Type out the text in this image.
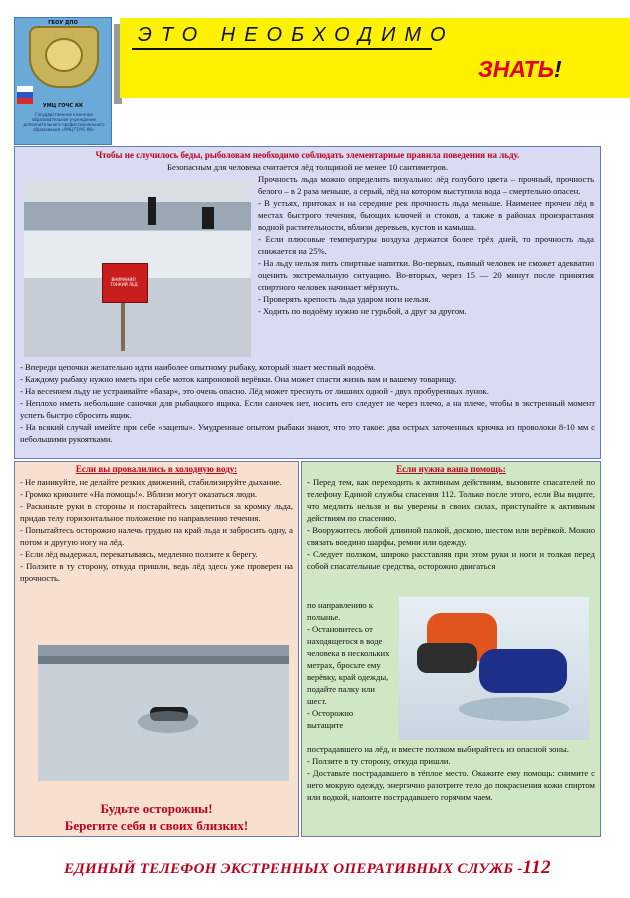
ГБОУ ДПО
УМЦ ГОЧС КК
Государственное казенное образовательное учреждение дополнительного профессионального образования «УМЦ ГОЧС КК»
ЭТО НЕОБХОДИМО
ЗНАТЬ!
Чтобы не случилось беды, рыболовам необходимо соблюдать элементарные правила поведения на льду.
Безопасным для человека считается лёд толщиной не менее 10 сантиметров.
ВНИМАНИЕ! ТОНКИЙ ЛЕД

Прочность льда можно определить визуально: лёд голубого цвета – прочный, прочность белого – в 2 раза меньше, а серый, лёд на котором выступила вода – смертельно опасен.

- В устьях, притоках и на середине рек прочность льда меньше. Наименее прочен лёд в местах быстрого течения, бьющих ключей и стоков, а также в районах произрастания водной растительности, вблизи деревьев, кустов и камыша.

- Если плюсовые температуры воздуха держатся более трёх дней, то прочность льда снижается на 25%.

- На льду нельзя пить спиртные напитки. Во-первых, пьяный человек не сможет адекватно оценить экстремальную ситуацию. Во-вторых, через 15 — 20 минут после принятия спиртного человек начинает мёрзнуть.

- Проверять крепость льда ударом ноги нельзя.

- Ходить по водоёму нужно не гурьбой, а друг за другом.

- Впереди цепочки желательно идти наиболее опытному рыбаку, который знает местный водоём.

- Каждому рыбаку нужно иметь при себе моток капроновой верёвки. Она может спасти жизнь вам и вашему товарищу.

- На весеннем льду не устраивайте «базар», это очень опасно. Лёд может треснуть от лишних одной - двух пробуренных лунок.

- Неплохо иметь небольшие саночки для рыбацкого ящика. Если саночек нет, носить его следует не через плечо, а на плече, чтобы в экстренный момент успеть быстро сбросить ящик.

- На всякий случай имейте при себе «зацепы». Умудренные опытом рыбаки знают, что это такое: два острых заточенных крючка из проволоки 8-10 мм с небольшими рукоятками.

Если вы провалились в холодную воду:

- Не паникуйте, не делайте резких движений, стабилизируйте дыхание.

- Громко крикните «На помощь!». Вблизи могут оказаться люди.

- Раскиньте руки в стороны и постарайтесь зацепиться за кромку льда, придав телу горизонтальное положение по направлению течения.

- Попытайтесь осторожно налечь грудью на край льда и забросить одну, а потом и другую ногу на лёд.

- Если лёд выдержал, перекатываясь, медленно ползите к берегу.

- Ползите в ту сторону, откуда пришли, ведь лёд здесь уже проверен на прочность.

Будьте осторожны!
Берегите себя и своих близких!
Если нужна ваша помощь:

- Перед тем, как переходить к активным действиям, вызовите спасателей по телефону Единой службы спасения 112. Только после этого, если Вы видите, что медлить нельзя и вы уверены в своих силах, приступайте к активным действиям по спасению.

- Вооружитесь любой длинной палкой, доскою, шестом или верёвкой. Можно связать воедино шарфы, ремни или одежду.

- Следует ползком, широко расставляя при этом руки и ноги и толкая перед собой спасательные средства, осторожно двигаться

по направлению к полынье.

- Остановитесь от находящегося в воде человека в нескольких метрах, бросьте ему верёвку, край одежды, подайте палку или шест.

- Осторожно вытащите

пострадавшего на лёд, и вместе ползком выбирайтесь из опасной зоны.

- Ползите в ту сторону, откуда пришли.

- Доставьте пострадавшего в тёплое место. Окажите ему помощь: снимите с него мокрую одежду, энергично разотрите тело до покраснения кожи спиртом или водкой, напоите пострадавшего горячим чаем.

ЕДИНЫЙ ТЕЛЕФОН ЭКСТРЕННЫХ ОПЕРАТИВНЫХ СЛУЖБ -112
